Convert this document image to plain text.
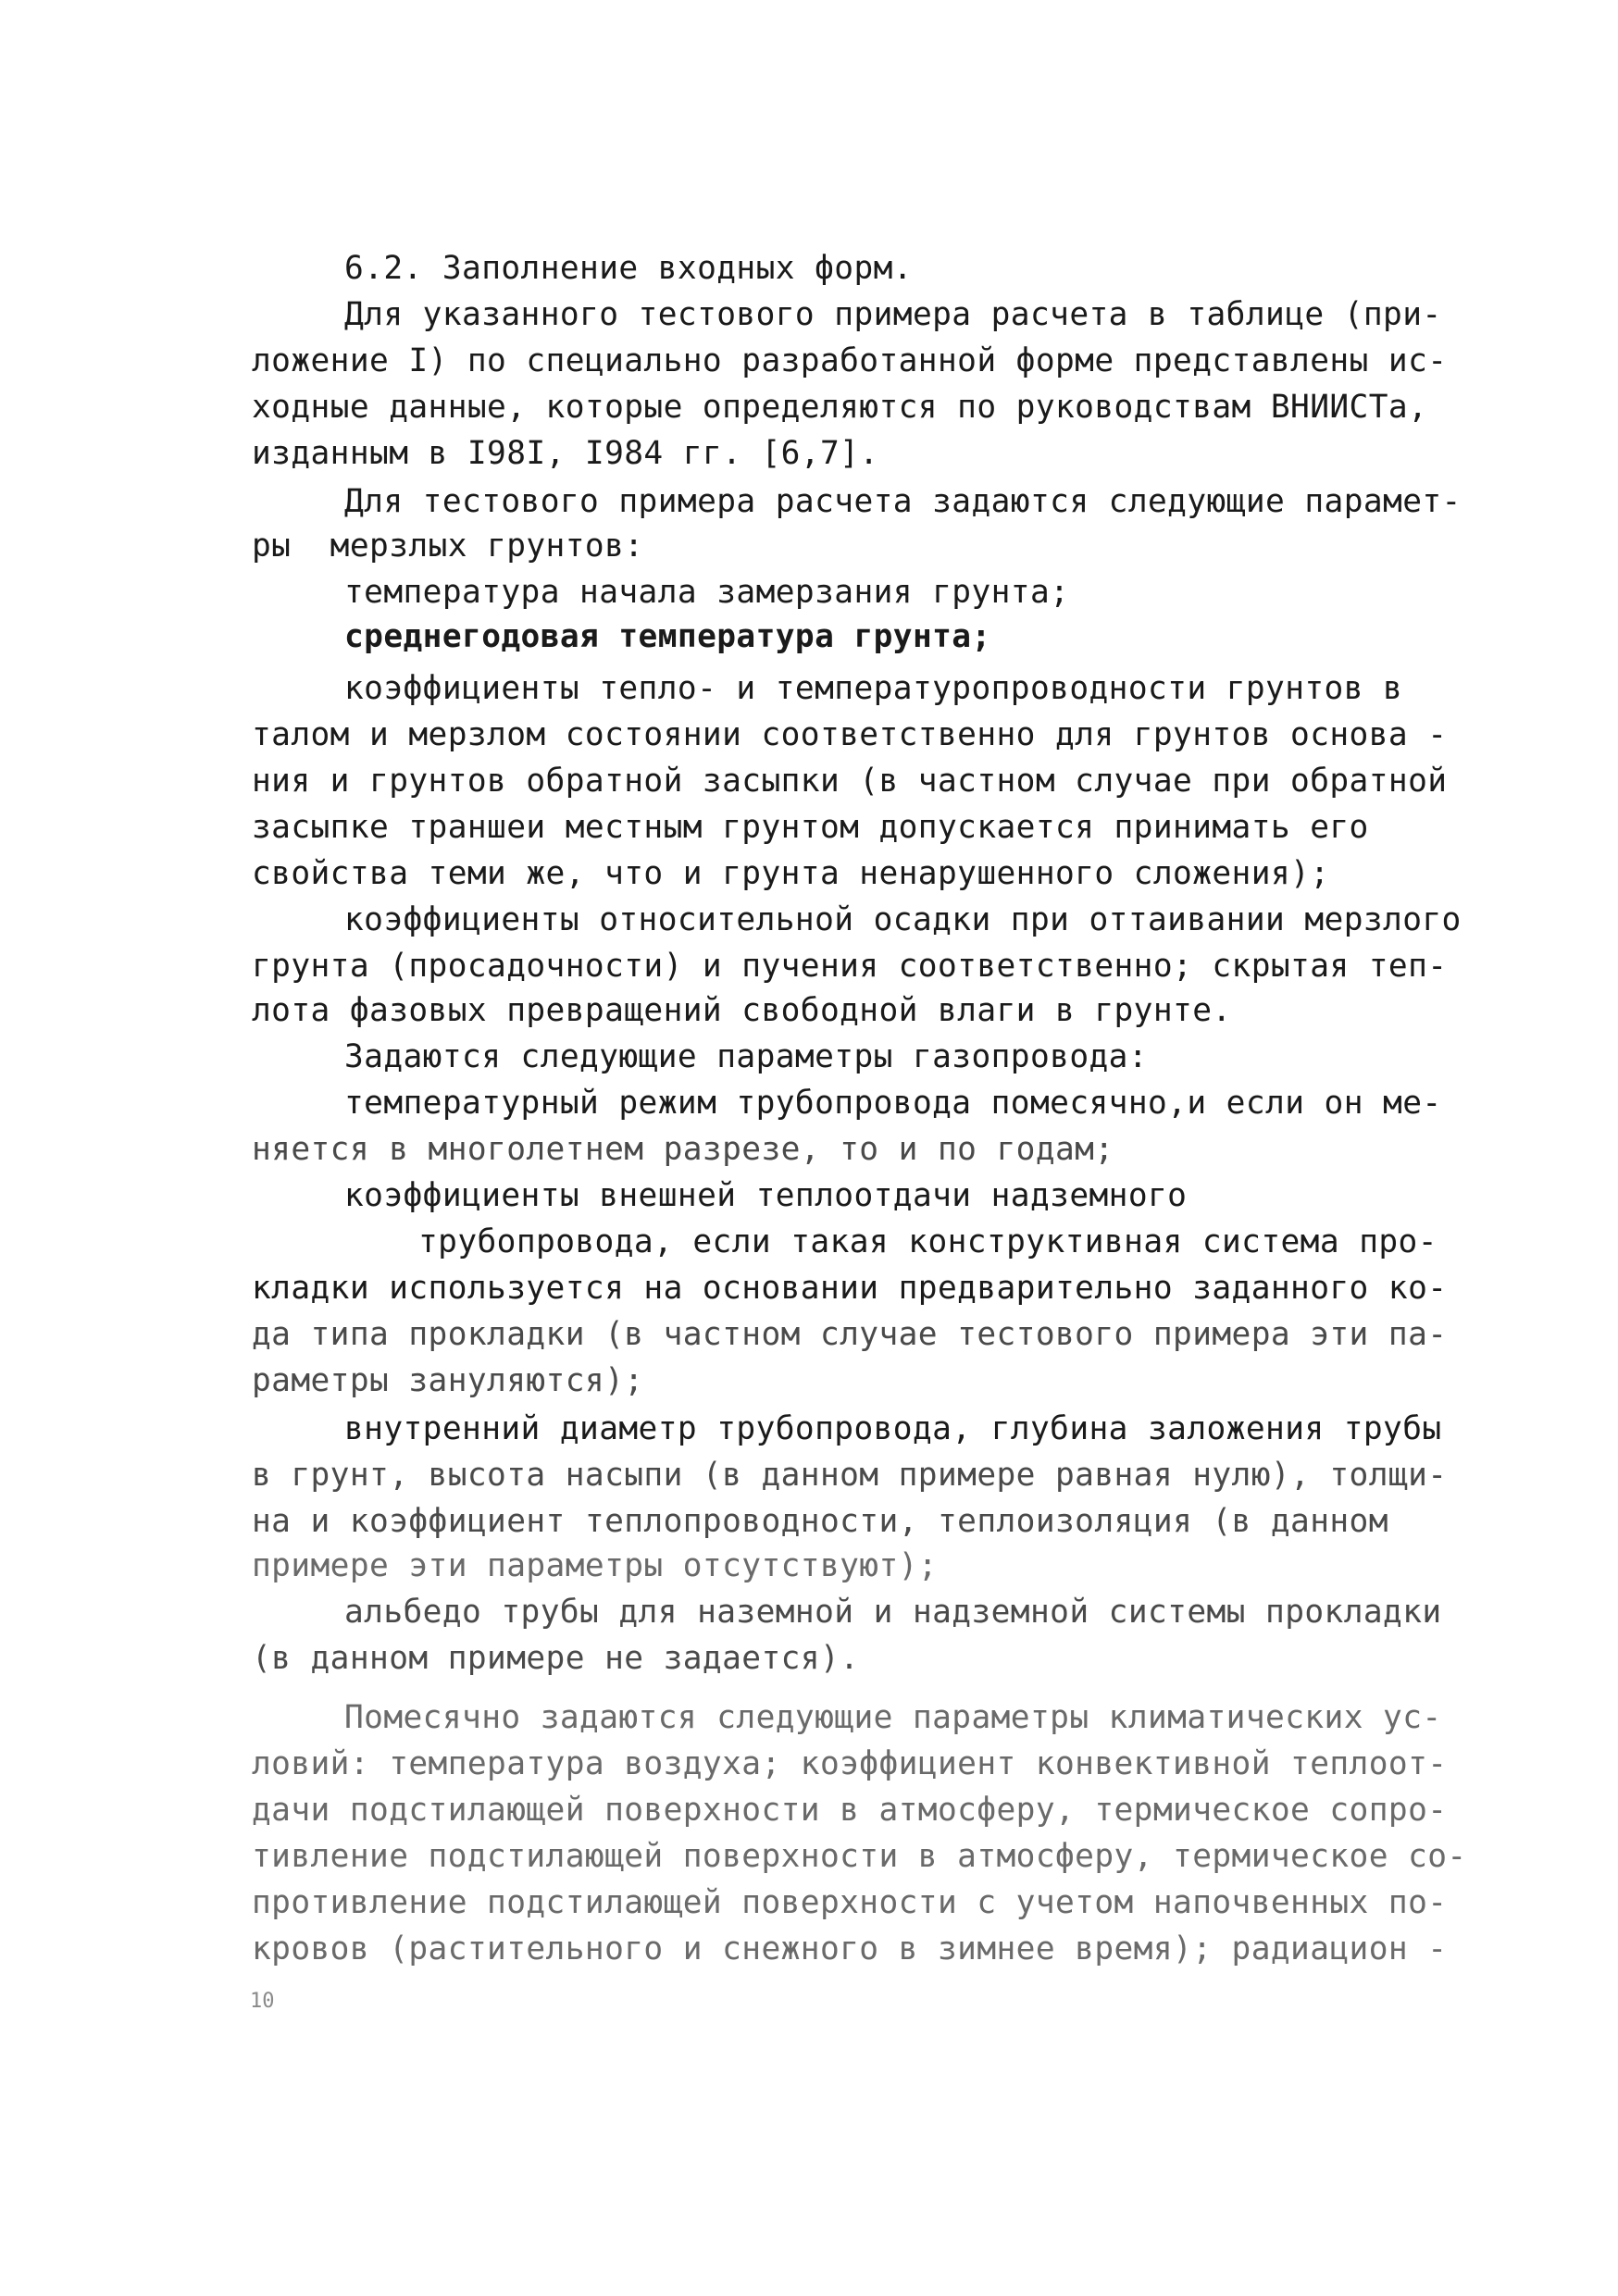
6.2. Заполнение входных форм.
Для указанного тестового примера расчета в таблице (при-
ложение I) по специально разработанной форме представлены ис-
ходные данные, которые определяются по руководствам ВНИИСТа,
изданным в I98I, I984 гг. [6,7].
Для тестового примера расчета задаются следующие парамет-
ры  мерзлых грунтов:
температура начала замерзания грунта;
среднегодовая температура грунта;
коэффициенты тепло- и температуропроводности грунтов в
талом и мерзлом состоянии соответственно для грунтов основа -
ния и грунтов обратной засыпки (в частном случае при обратной
засыпке траншеи местным грунтом допускается принимать его
свойства теми же, что и грунта ненарушенного сложения);
коэффициенты относительной осадки при оттаивании мерзлого
грунта (просадочности) и пучения соответственно; скрытая теп-
лота фазовых превращений свободной влаги в грунте.
Задаются следующие параметры газопровода:
температурный режим трубопровода помесячно,и если он ме-
няется в многолетнем разрезе, то и по годам;
коэффициенты внешней теплоотдачи надземного
трубопровода, если такая конструктивная система про-
кладки используется на основании предварительно заданного ко-
да типа прокладки (в частном случае тестового примера эти па-
раметры зануляются);
внутренний диаметр трубопровода, глубина заложения трубы
в грунт, высота насыпи (в данном примере равная нулю), толщи-
на и коэффициент теплопроводности, теплоизоляция (в данном
примере эти параметры отсутствуют);
альбедо трубы для наземной и надземной системы прокладки
(в данном примере не задается).
Помесячно задаются следующие параметры климатических ус-
ловий: температура воздуха; коэффициент конвективной теплоот-
дачи подстилающей поверхности в атмосферу, термическое сопро-
тивление подстилающей поверхности в атмосферу, термическое со-
противление подстилающей поверхности с учетом напочвенных по-
кровов (растительного и снежного в зимнее время); радиацион -
10
